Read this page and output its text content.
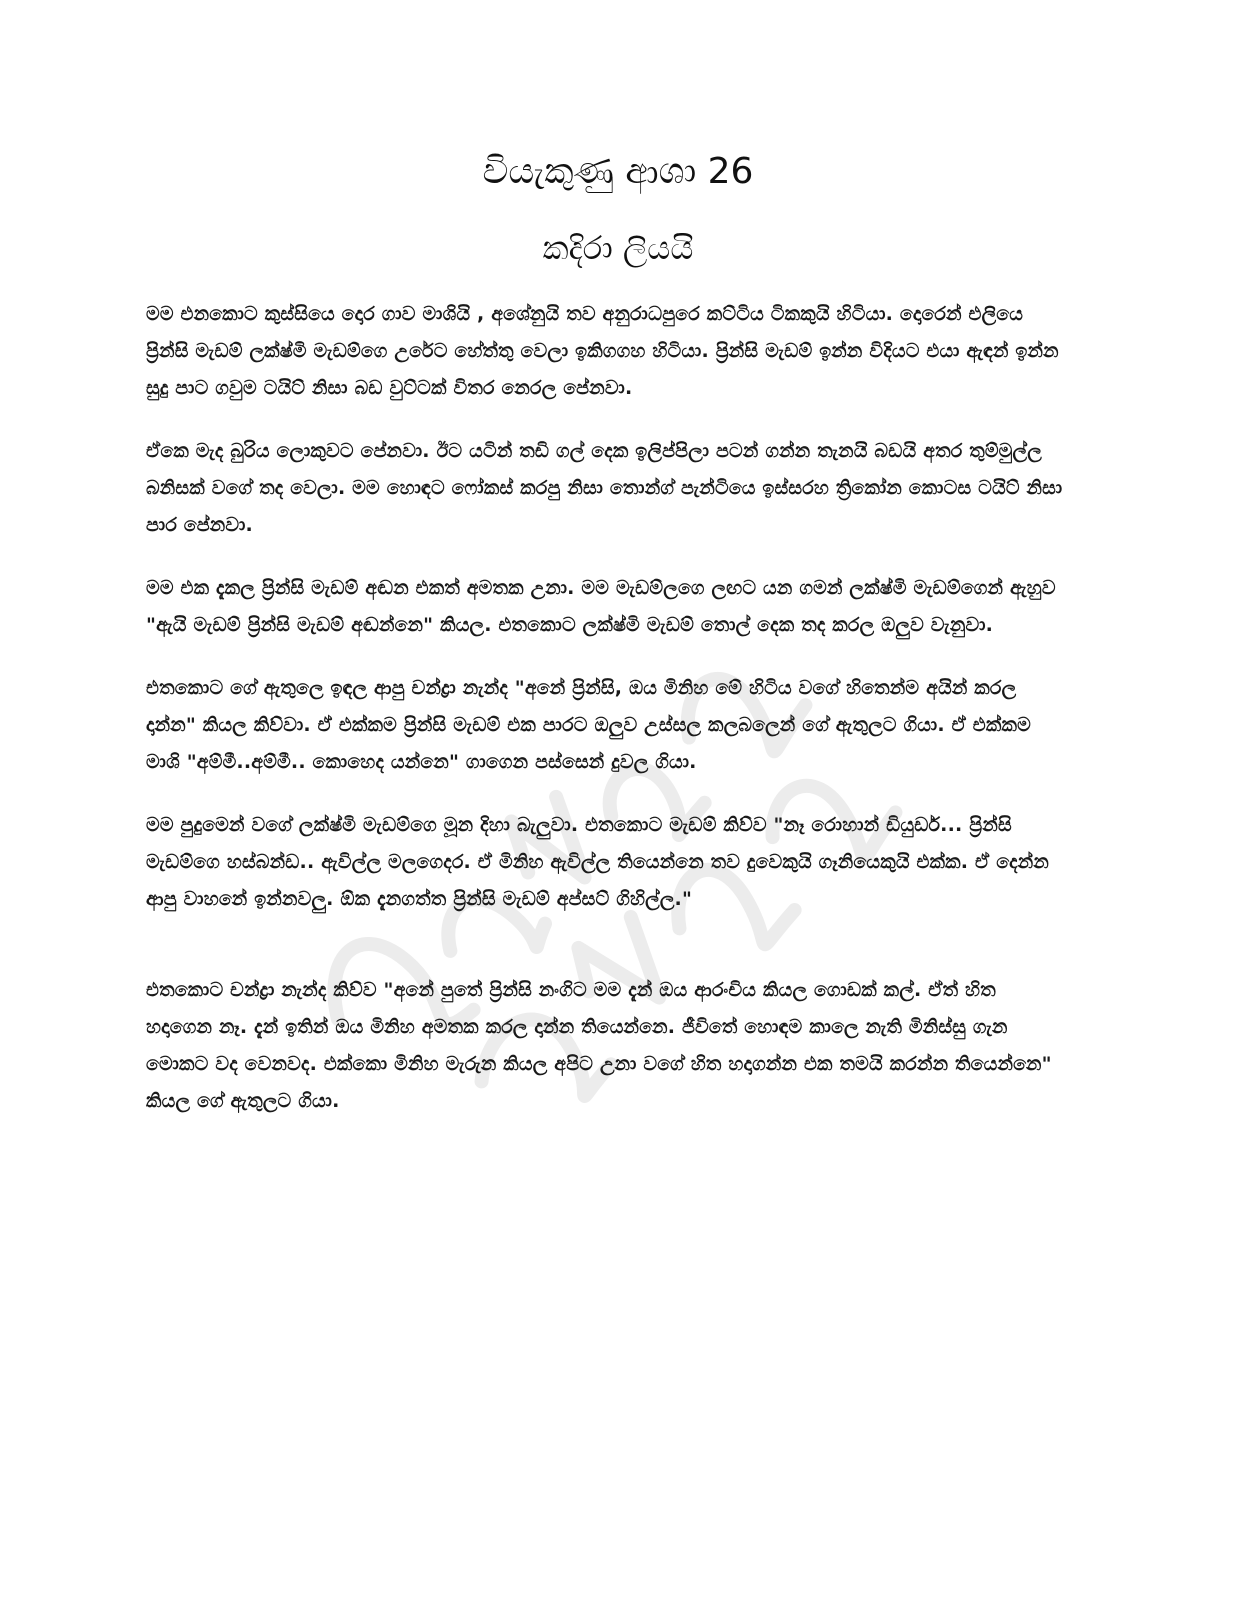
වියැකුණු ආශා 26
කදිරා ලියයි

මම එනකොට කුස්සියෙ දොර ගාව මාශියි , අශේනුයි තව අනුරාධපුරෙ කට්ටිය ටිකකුයි හිටියා. දොරෙන් එලියෙ ප්‍රින්සි මැඩම් ලක්ෂ්මි මැඩම්ගෙ උරේට හේත්තු වෙලා ඉකිගගහ හිටියා. ප්‍රින්සි මැඩම් ඉන්න විදියට එයා ඇඳන් ඉන්න සුදු පාට ගවුම ටයිට් නිසා බඩ වුට්ටක් විතර නෙරල පේනවා.

ඒකෙ මැද බුරිය ලොකුවට පේනවා. ඊට යටින් තඩි ගල් දෙක ඉලිප්පිලා පටන් ගන්න තැනයි බඩයි අතර තුම්මුල්ල බනිසක් වගේ තද වෙලා. මම හොඳට ෆෝකස් කරපු නිසා තොන්ග් පැන්ටියෙ ඉස්සරහ ත්‍රිකෝන කොටස ටයිට් නිසා පාර පේනවා.

මම එක දැකල ප්‍රින්සි මැඩම් අඬන එකත් අමතක උනා. මම මැඩම්ලගෙ ලඟට යන ගමන් ලක්ෂ්මි මැඩම්ගෙන් ඇහුව "ඇයි මැඩම් ප්‍රින්සි මැඩම් අඬන්නෙ" කියල. එතකොට ලක්ෂ්මි මැඩම් තොල් දෙක තද කරල ඔලුව වැනුවා.

එතකොට ගේ ඇතුලෙ ඉඳල ආපු චන්ද්‍රා නැන්ද "අනේ ප්‍රින්සි, ඔය මිනිහ මේ හිටිය වගේ හිතෙන්ම අයින් කරල දාන්න" කියල කිව්වා. ඒ එක්කම ප්‍රින්සි මැඩම් එක පාරට ඔලුව උස්සල කලබලෙන් ගේ ඇතුලට ගියා. ඒ එක්කම මාශි "අම්මී..අම්මී.. කොහෙද යන්නෙ" ගාගෙන පස්සෙන් දුවල ගියා.

මම පුදුමෙන් වගේ ලක්ෂ්මි මැඩම්ගෙ මූන දිහා බැලුවා. එතකොට මැඩම් කිව්ව "නෑ රොහාන් ඩියුඩර්... ප්‍රින්සි මැඩම්ගෙ හස්බන්ඩ.. ඇවිල්ල මලගෙදර. ඒ මිනිහ ඇවිල්ල තියෙන්නෙ තව දුවෙකුයි ගෑනියෙකුයි එක්ක. ඒ දෙන්න ආපු වාහනේ ඉන්නවලු. ඕක දැනගත්ත ප්‍රින්සි මැඩම් අප්සට් ගිහිල්ල."

එතකොට චන්ද්‍රා නැන්ද කිව්ව "අනේ පුතේ ප්‍රින්සි නංගිට මම දැන් ඔය ආරංචිය කියල ගොඩක් කල්. ඒත් හිත හදාගෙන නෑ. දැන් ඉතින් ඔය මිනිහ අමතක කරල දාන්න තියෙන්නෙ. ජීවිතේ හොඳම කාලෙ නැති මිනිස්සු ගැන මොකට වද වෙනවද. එක්කො මිනිහ මැරුන කියල අපිට උනා වගේ හිත හදාගන්න එක තමයි කරන්න තියෙන්නෙ" කියල ගේ ඇතුලට ගියා.
